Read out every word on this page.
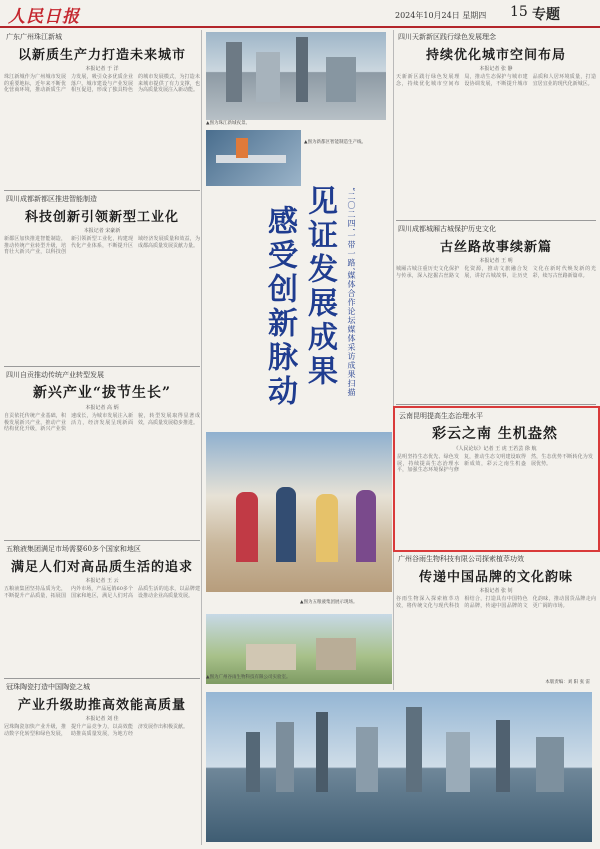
人民日报	2024年10月24日 星期四 15 专题
广东广州珠江新城
以新质生产力打造未来城市
本报记者 于 洋
珠江新城作为广州城市发展的重要地标，近年来不断优化营商环境，推动新质生产力发展，吸引众多优质企业落户。城市建设与产业发展相互促进，形成了独具特色的城市发展模式，为打造未来城市提供了有力支撑，也为高质量发展注入新动能。
四川成都新都区推进智能制造
科技创新引领新型工业化
本报记者 宋豪新
新都区加快推进智能制造，推动传统产业转型升级，培育壮大新兴产业，以科技创新引领新型工业化，构建现代化产业体系，不断提升区域经济发展质量和效益，为成都高质量发展贡献力量。
四川自贡推动传统产业转型发展
新兴产业“拔节生长”
本报记者 高 炳
自贡依托传统产业基础，积极发展新兴产业，推动产业结构优化升级，新兴产业快速成长，为城市发展注入新活力，经济发展呈现新面貌，转型发展取得显著成效，高质量发展稳步推进。
五粮液集团满足市场需要60多个国家和地区
满足人们对高品质生活的追求
本报记者 王 云
五粮液集团坚持品质为先，不断提升产品质量，拓展国内外市场，产品远销60多个国家和地区，满足人们对高品质生活的追求，以品牌建设推动企业高质量发展。
冠珠陶瓷打造中国陶瓷之城
产业升级助推高效能高质量
本报记者 刘 佳
冠珠陶瓷加快产业升级，推动数字化转型和绿色发展，提升产品竞争力，以高效能助推高质量发展，为地方经济发展作出积极贡献。
▲图为珠江新城夜景。
▲图为新都区智能制造生产线。
感受创新脉动 见证发展成果 “二〇二四‘一带一路’媒体合作论坛媒体采访成果扫描
▲图为五粮液集团展示现场。
▲图为广州谷雨生物科技有限公司实验室。
四川天新新区践行绿色发展理念
持续优化城市空间布局
本报记者 张 静
天新新区践行绿色发展理念，持续优化城市空间布局，推动生态保护与城市建设协调发展，不断提升城市品质和人居环境质量，打造宜居宜业的现代化新城区。
四川成都城厢古城保护历史文化
古丝路故事续新篇
本报记者 王 明
城厢古城注重历史文化保护与传承，深入挖掘古丝路文化资源，推动文旅融合发展，讲好古城故事，让历史文化在新时代焕发新的光彩，续写古丝路新篇章。
云南昆明提高生态治理水平
彩云之南 生机盎然
《人民论坛》记者 王 虎 王若芸 徐 航
昆明坚持生态优先、绿色发展，持续提高生态治理水平，加强生态环境保护与修复，推动生态文明建设取得新成效，彩云之南生机盎然，生态优势不断转化为发展优势。
广州谷雨生物科技有限公司探索植萃功效
传递中国品牌的文化韵味
本报记者 张 钊
谷雨生物深入探索植萃功效，将传统文化与现代科技相结合，打造具有中国特色的品牌，传递中国品牌的文化韵味，推动国货品牌走向更广阔的市场。
本版责编：刘 阳 张 雷
